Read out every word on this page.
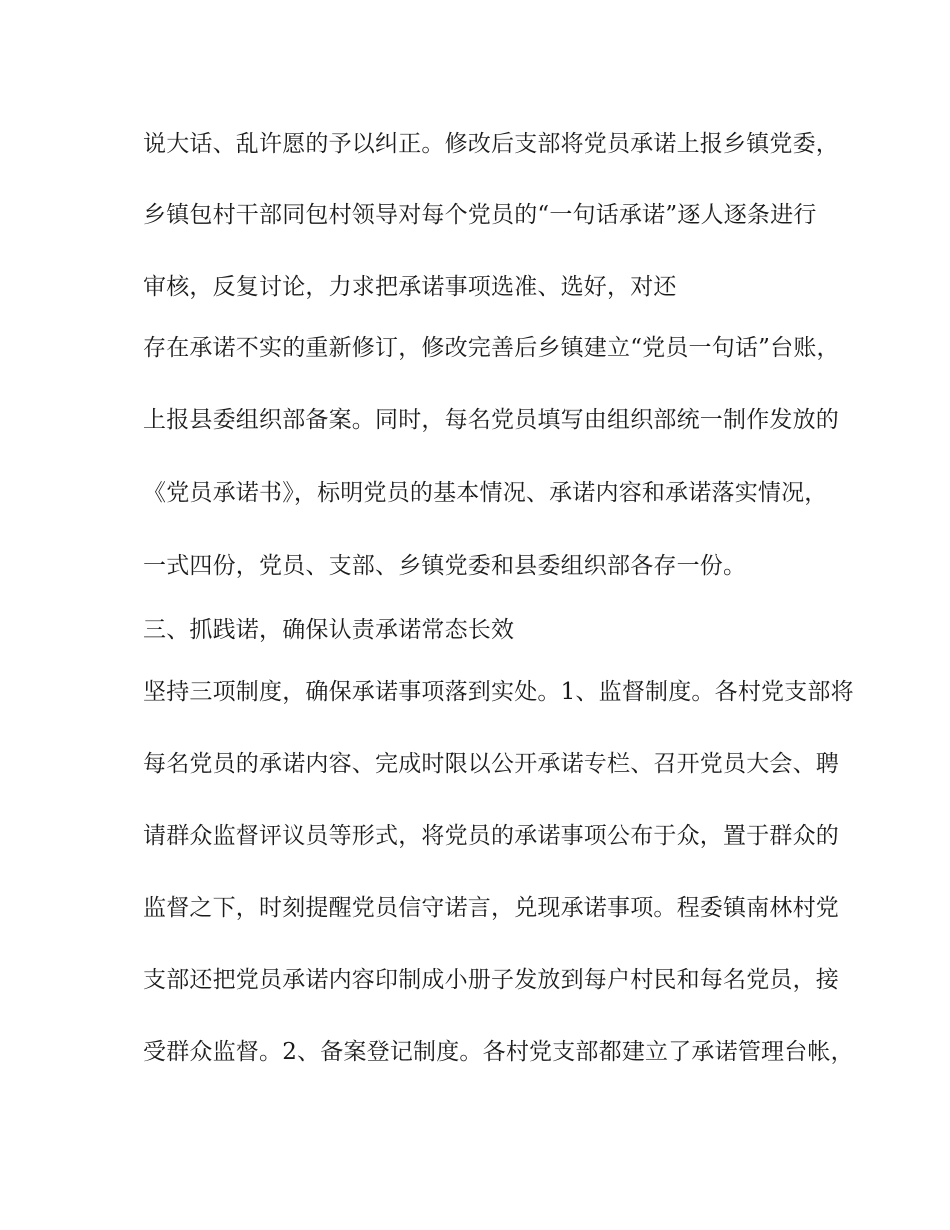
说大话、乱许愿的予以纠正。修改后支部将党员承诺上报乡镇党委，
乡镇包村干部同包村领导对每个党员的“一句话承诺”逐人逐条进行
审核，反复讨论，力求把承诺事项选准、选好，对还
存在承诺不实的重新修订，修改完善后乡镇建立“党员一句话”台账，
上报县委组织部备案。同时，每名党员填写由组织部统一制作发放的
《党员承诺书》，标明党员的基本情况、承诺内容和承诺落实情况，
一式四份，党员、支部、乡镇党委和县委组织部各存一份。
三、抓践诺，确保认责承诺常态长效
坚持三项制度，确保承诺事项落到实处。1、监督制度。各村党支部将
每名党员的承诺内容、完成时限以公开承诺专栏、召开党员大会、聘
请群众监督评议员等形式，将党员的承诺事项公布于众，置于群众的
监督之下，时刻提醒党员信守诺言，兑现承诺事项。程委镇南林村党
支部还把党员承诺内容印制成小册子发放到每户村民和每名党员，接
受群众监督。2、备案登记制度。各村党支部都建立了承诺管理台帐，
